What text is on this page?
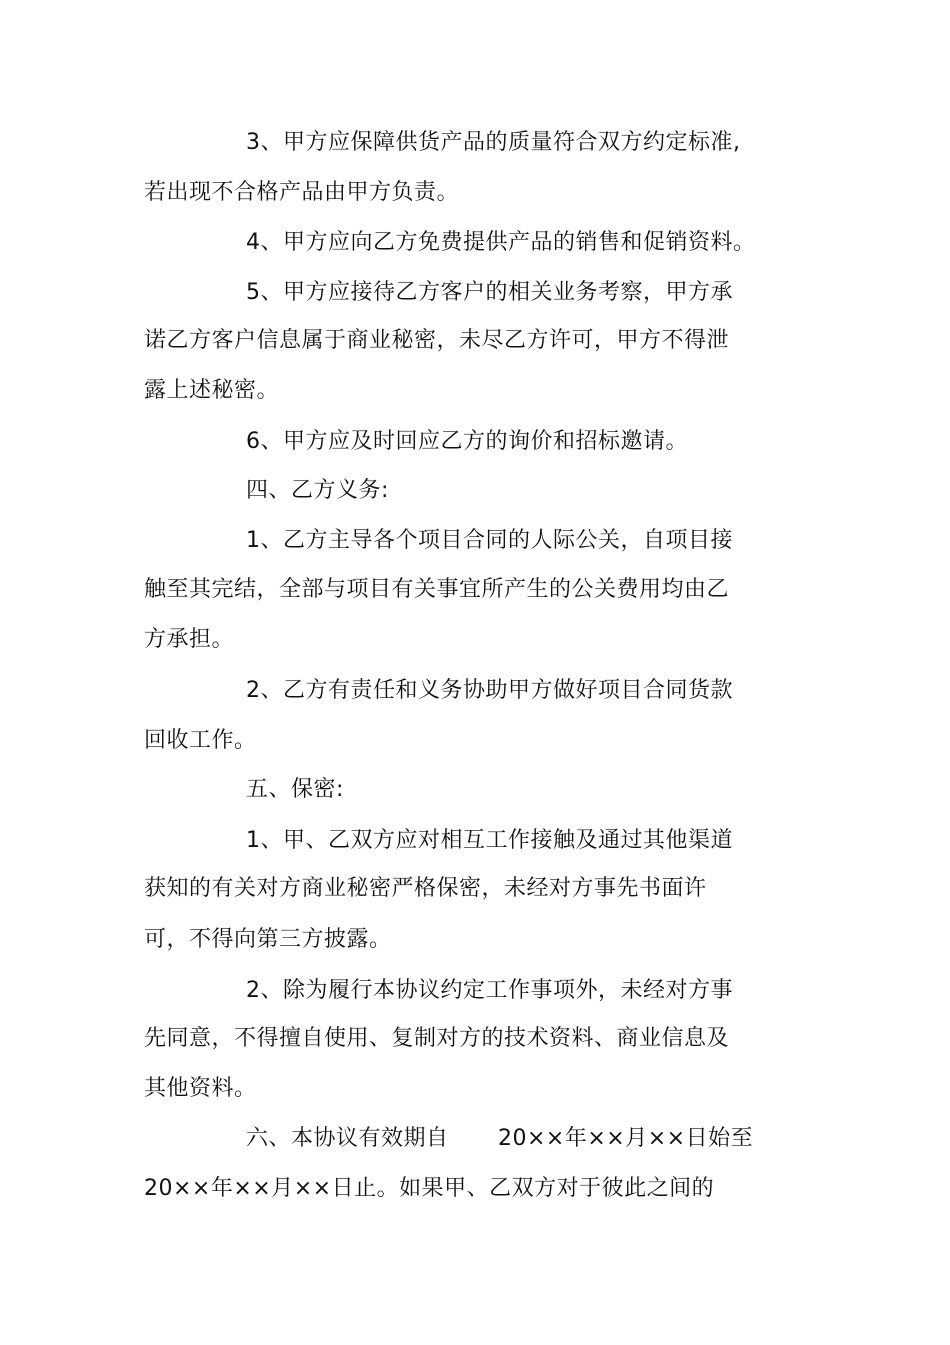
3、甲方应保障供货产品的质量符合双方约定标准,
若出现不合格产品由甲方负责。
4、甲方应向乙方免费提供产品的销售和促销资料。
5、甲方应接待乙方客户的相关业务考察，甲方承
诺乙方客户信息属于商业秘密，未尽乙方许可，甲方不得泄
露上述秘密。
6、甲方应及时回应乙方的询价和招标邀请。
四、乙方义务:
1、乙方主导各个项目合同的人际公关，自项目接
触至其完结，全部与项目有关事宜所产生的公关费用均由乙
方承担。
2、乙方有责任和义务协助甲方做好项目合同货款
回收工作。
五、保密:
1、甲、乙双方应对相互工作接触及通过其他渠道
获知的有关对方商业秘密严格保密，未经对方事先书面许
可，不得向第三方披露。
2、除为履行本协议约定工作事项外，未经对方事
先同意，不得擅自使用、复制对方的技术资料、商业信息及
其他资料。
六、本协议有效期自 20××年××月××日始至
20××年××月××日止。如果甲、乙双方对于彼此之间的
